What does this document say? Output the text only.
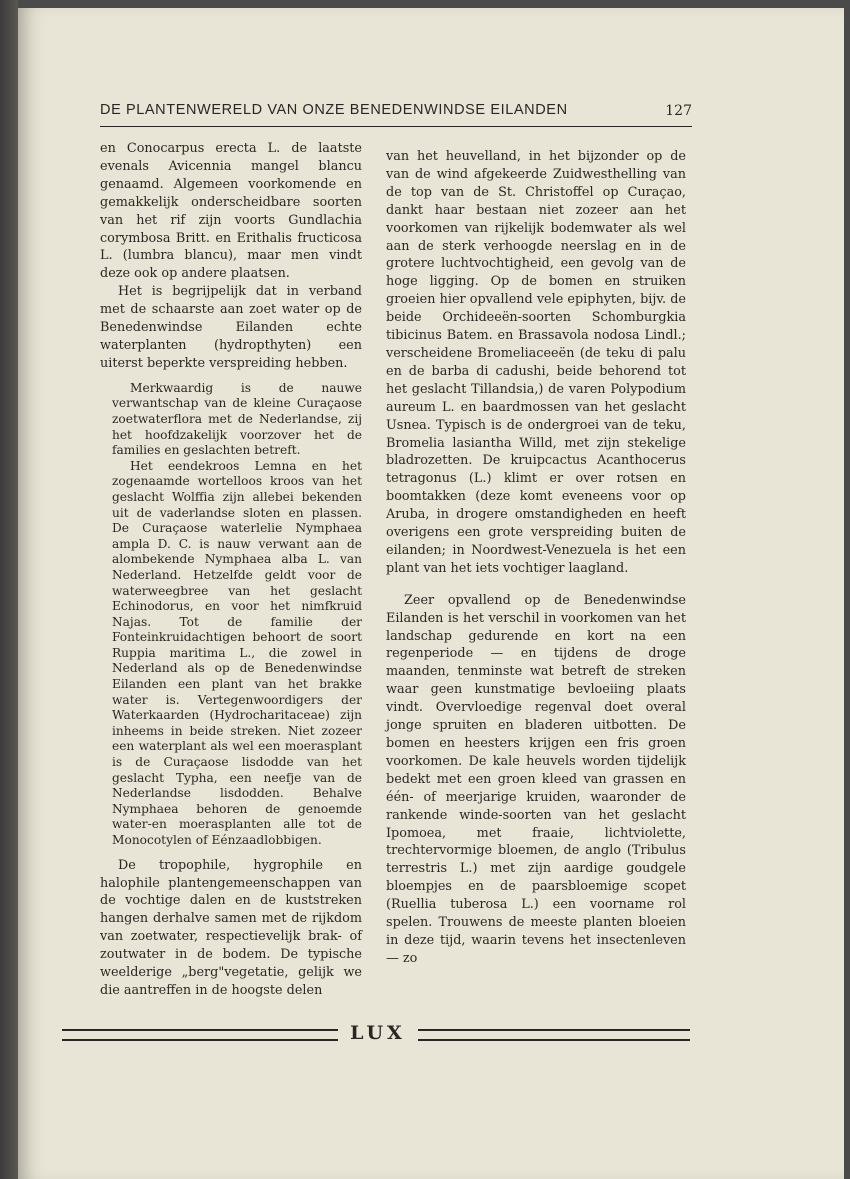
DE PLANTENWERELD VAN ONZE BENEDENWINDSE EILANDEN	127

en Conocarpus erecta L. de laatste evenals Avicennia mangel blancu genaamd. Algemeen voorkomende en gemakkelijk onderscheidbare soorten van het rif zijn voorts Gundlachia corymbosa Britt. en Erithalis fructicosa L. (lumbra blancu), maar men vindt deze ook op andere plaatsen.

Het is begrijpelijk dat in verband met de schaarste aan zoet water op de Benedenwindse Eilanden echte waterplanten (hydropthyten) een uiterst beperkte verspreiding hebben.

Merkwaardig is de nauwe verwantschap van de kleine Curaçaose zoetwaterflora met de Nederlandse, zij het hoofdzakelijk voorzover het de families en geslachten betreft.

Het eendekroos Lemna en het zogenaamde wortelloos kroos van het geslacht Wolffia zijn allebei bekenden uit de vaderlandse sloten en plassen. De Curaçaose waterlelie Nymphaea ampla D. C. is nauw verwant aan de alombekende Nymphaea alba L. van Nederland. Hetzelfde geldt voor de waterweegbree van het geslacht Echinodorus, en voor het nimfkruid Najas. Tot de familie der Fonteinkruidachtigen behoort de soort Ruppia maritima L., die zowel in Nederland als op de Benedenwindse Eilanden een plant van het brakke water is. Vertegenwoordigers der Waterkaarden (Hydrocharitaceae) zijn inheems in beide streken. Niet zozeer een waterplant als wel een moerasplant is de Curaçaose lisdodde van het geslacht Typha, een neefje van de Nederlandse lisdodden. Behalve Nymphaea behoren de genoemde water-en moerasplanten alle tot de Monocotylen of Eénzaadlobbigen.

De tropophile, hygrophile en halophile plantengemeenschappen van de vochtige dalen en de kuststreken hangen derhalve samen met de rijkdom van zoetwater, respectievelijk brak- of zoutwater in de bodem. De typische weelderige „berg"vegetatie, gelijk we die aantreffen in de hoogste delen

van het heuvelland, in het bijzonder op de van de wind afgekeerde Zuidwesthelling van de top van de St. Christoffel op Curaçao, dankt haar bestaan niet zozeer aan het voorkomen van rijkelijk bodemwater als wel aan de sterk verhoogde neerslag en in de grotere luchtvochtigheid, een gevolg van de hoge ligging. Op de bomen en struiken groeien hier opvallend vele epiphyten, bijv. de beide Orchideeën-soorten Schomburgkia tibicinus Batem. en Brassavola nodosa Lindl.; verscheidene Bromeliaceeën (de teku di palu en de barba di cadushi, beide behorend tot het geslacht Tillandsia,) de varen Polypodium aureum L. en baardmossen van het geslacht Usnea. Typisch is de ondergroei van de teku, Bromelia lasiantha Willd, met zijn stekelige bladrozetten. De kruipcactus Acanthocerus tetragonus (L.) klimt er over rotsen en boomtakken (deze komt eveneens voor op Aruba, in drogere omstandigheden en heeft overigens een grote verspreiding buiten de eilanden; in Noordwest-Venezuela is het een plant van het iets vochtiger laagland.

Zeer opvallend op de Benedenwindse Eilanden is het verschil in voorkomen van het landschap gedurende en kort na een regenperiode — en tijdens de droge maanden, tenminste wat betreft de streken waar geen kunstmatige bevloeiing plaats vindt. Overvloedige regenval doet overal jonge spruiten en bladeren uitbotten. De bomen en heesters krijgen een fris groen voorkomen. De kale heuvels worden tijdelijk bedekt met een groen kleed van grassen en één- of meerjarige kruiden, waaronder de rankende winde-soorten van het geslacht Ipomoea, met fraaie, lichtviolette, trechtervormige bloemen, de anglo (Tribulus terrestris L.) met zijn aardige goudgele bloempjes en de paarsbloemige scopet (Ruellia tuberosa L.) een voorname rol spelen. Trouwens de meeste planten bloeien in deze tijd, waarin tevens het insectenleven — zo

LUX
